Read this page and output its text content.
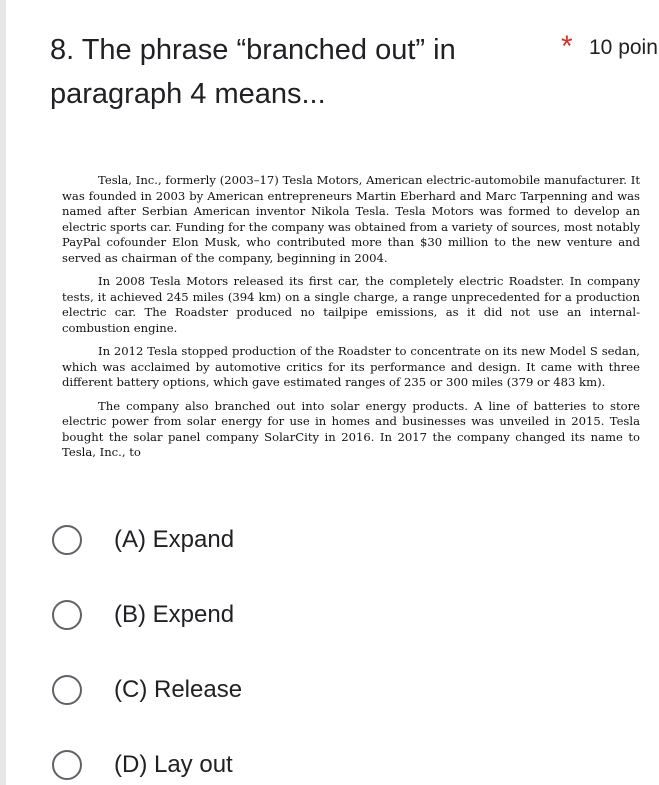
8. The phrase “branched out” in paragraph 4 means...
* 10 poin

Tesla, Inc., formerly (2003–17) Tesla Motors, American electric-automobile manufacturer. It was founded in 2003 by American entrepreneurs Martin Eberhard and Marc Tarpenning and was named after Serbian American inventor Nikola Tesla. Tesla Motors was formed to develop an electric sports car. Funding for the company was obtained from a variety of sources, most notably PayPal cofounder Elon Musk, who contributed more than $30 million to the new venture and served as chairman of the company, beginning in 2004.

In 2008 Tesla Motors released its first car, the completely electric Roadster. In company tests, it achieved 245 miles (394 km) on a single charge, a range unprecedented for a production electric car. The Roadster produced no tailpipe emissions, as it did not use an internal-combustion engine.

In 2012 Tesla stopped production of the Roadster to concentrate on its new Model S sedan, which was acclaimed by automotive critics for its performance and design. It came with three different battery options, which gave estimated ranges of 235 or 300 miles (379 or 483 km).

The company also branched out into solar energy products. A line of batteries to store electric power from solar energy for use in homes and businesses was unveiled in 2015. Tesla bought the solar panel company SolarCity in 2016. In 2017 the company changed its name to Tesla, Inc., to

(A) Expand
(B) Expend
(C) Release
(D) Lay out
